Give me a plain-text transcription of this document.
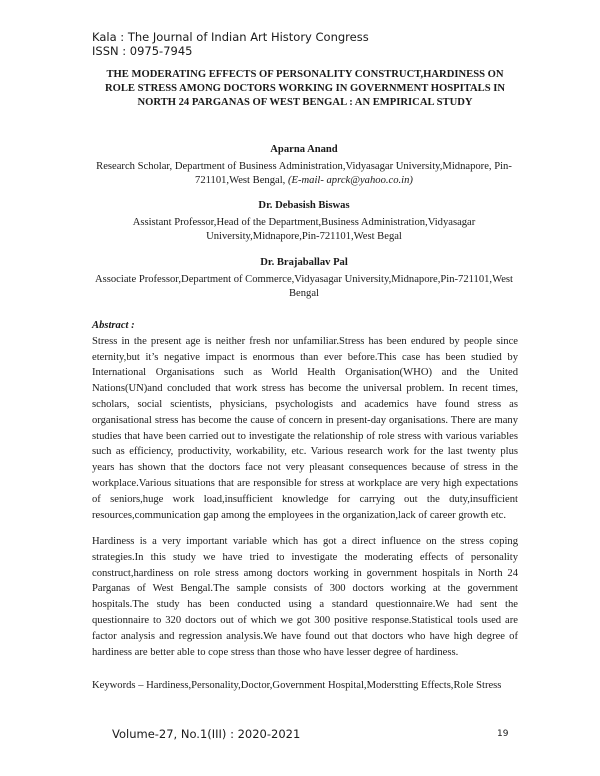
Kala : The Journal of Indian Art History Congress
ISSN : 0975-7945
THE MODERATING EFFECTS OF PERSONALITY CONSTRUCT,HARDINESS ON ROLE STRESS AMONG DOCTORS WORKING IN GOVERNMENT HOSPITALS IN NORTH 24 PARGANAS OF WEST BENGAL : AN EMPIRICAL STUDY
Aparna Anand
Research Scholar, Department of Business Administration,Vidyasagar University,Midnapore, Pin-721101,West Bengal, (E-mail- aprck@yahoo.co.in)
Dr. Debasish Biswas
Assistant Professor,Head of the Department,Business Administration,Vidyasagar University,Midnapore,Pin-721101,West Begal
Dr. Brajaballav Pal
Associate Professor,Department of Commerce,Vidyasagar University,Midnapore,Pin-721101,West Bengal
Abstract :
Stress in the present age is neither fresh nor unfamiliar.Stress has been endured by people since eternity,but it’s negative impact is enormous than ever before.This case has been studied by International Organisations such as World Health Organisation(WHO) and the United Nations(UN)and concluded that work stress has become the universal problem. In recent times, scholars, social scientists, physicians, psychologists and academics have found stress as organisational stress has become the cause of concern in present-day organisations. There are many studies that have been carried out to investigate the relationship of role stress with various variables such as efficiency, productivity, workability, etc. Various research work for the last twenty plus years has shown that the doctors face not very pleasant consequences because of stress in the workplace.Various situations that are responsible for stress at workplace are very high expectations of seniors,huge work load,insufficient knowledge for carrying out the duty,insufficient resources,communication gap among the employees in the organization,lack of career growth etc.
Hardiness is a very important variable which has got a direct influence on the stress coping strategies.In this study we have tried to investigate the moderating effects of personality construct,hardiness on role stress among doctors working in government hospitals in North 24 Parganas of West Bengal.The sample consists of 300 doctors working at the government hospitals.The study has been conducted using a standard questionnaire.We had sent the questionnaire to 320 doctors out of which we got 300 positive response.Statistical tools used are factor analysis and regression analysis.We have found out that doctors who have high degree of hardiness are better able to cope stress than those who have lesser degree of hardiness.
Keywords – Hardiness,Personality,Doctor,Government Hospital,Moderstting Effects,Role Stress
Volume-27, No.1(III) : 2020-2021	19
